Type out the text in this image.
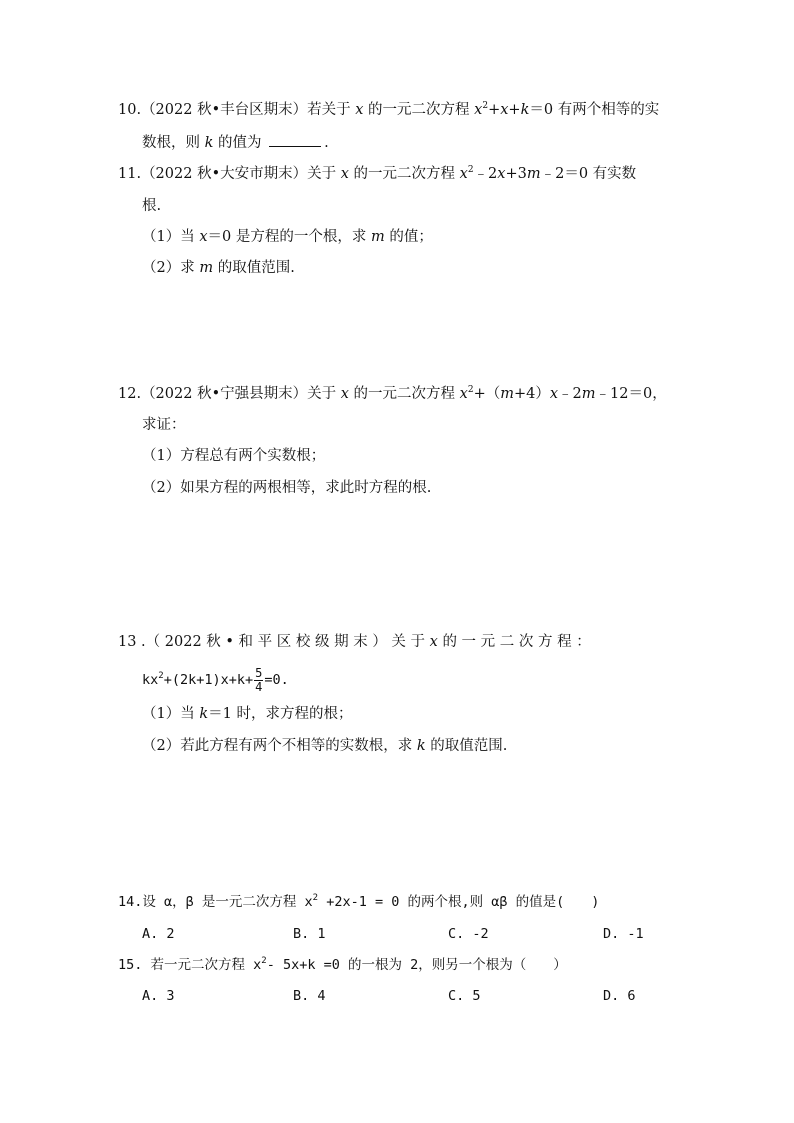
10.（2022 秋•丰台区期末）若关于 x 的一元二次方程 $x^2+x+k=0$ 有两个相等的实
数根，则 k 的值为	.
11.（2022 秋•大安市期末）关于 x 的一元二次方程 $x^2﹣2x+3m﹣2=0$ 有实数
根.
（1）当 x＝0 是方程的一个根，求 m 的值；
（2）求 m 的取值范围.
12.（2022 秋•宁强县期末）关于 x 的一元二次方程 $x^2+(m+4)x﹣2m﹣12=0$，
求证：
（1）方程总有两个实数根；
（2）如果方程的两根相等，求此时方程的根.
13 .（ 2022 秋 • 和 平 区 校 级 期 末 ） 关 于 x 的 一 元 二 次 方 程 ：
$kx^2+(2k+1)x+k+ \frac{5}{4} =0$.
（1）当 k＝1 时，求方程的根；
（2）若此方程有两个不相等的实数根，求 k 的取值范围.
14.设 α，β 是一元二次方程 $x^2 +2x-1 = 0$ 的两个根,则 αβ 的值是(　　)
A. 2	B. 1	C. -2	D. -1
15. 若一元二次方程 $x^2-$ 5x+k =0 的一根为 2，则另一个根为（　　）
A. 3	B. 4	C. 5	D. 6
